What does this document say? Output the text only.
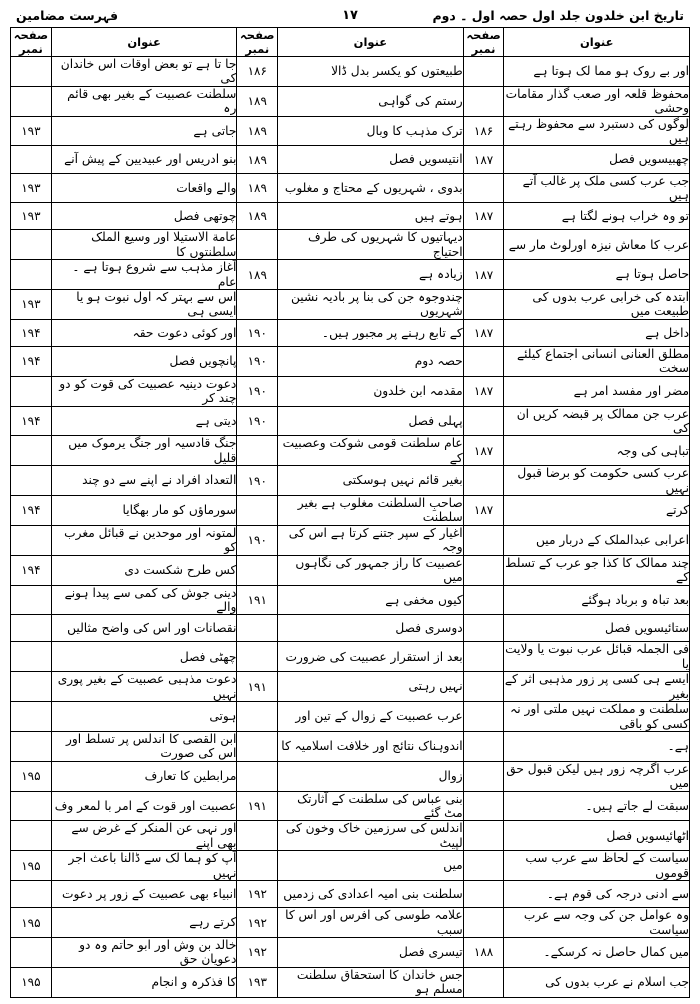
تاریخ ابن خلدون جلد اول حصہ اول ۔ دوم
۱۷
فہرست مضامین
عنوان	صفحہ نمبر	عنوان	صفحہ نمبر	عنوان	صفحہ نمبر
اور بے روک ہو مما لک ہوتا ہے		طبیعتوں کو یکسر بدل ڈالا	۱۸۶	جا تا ہے تو بعض اوقات اس خاندان کی	
محفوظ قلعہ اور صعب گذار مقامات وحشی		رستم کی گواہی	۱۸۹	سلطنت عصبیت کے بغیر بھی قائم رہ	
لوگوں کی دستبرد سے محفوظ رہتے ہیں	۱۸۶	ترک مذہب کا وبال	۱۸۹	جاتی ہے	۱۹۳
چھبیسویں فصل	۱۸۷	انتیسویں فصل	۱۸۹	بنو ادریس اور عبیدیین کے پیش آنے	
جب عرب کسی ملک پر غالب آتے ہیں		بدوی ، شہریوں کے محتاج و مغلوب	۱۸۹	والے واقعات	۱۹۳
تو وہ خراب ہونے لگتا ہے	۱۸۷	ہوتے ہیں	۱۸۹	چوتھی فصل	۱۹۳
عرب کا معاش نیزہ اورلوٹ مار سے		دیہاتیوں کا شہریوں کی طرف احتیاج		عامة الاستیلا اور وسیع الملک سلطنتوں کا	
حاصل ہوتا ہے	۱۸۷	زیادہ ہے	۱۸۹	آغاز مذہب سے شروع ہوتا ہے ۔ عام	
ابتدہ کی خرابی عرب بدوں کی طبیعت میں		چندوجوہ جن کی بنا پر بادیہ نشین شہریوں		اس سے بہتر کہ اول نبوت ہو یا ایسی ہی	۱۹۳
داخل ہے	۱۸۷	کے تابع رہنے پر مجبور ہیں۔	۱۹۰	اور کوئی دعوت حقہ	۱۹۴
مطلق العنانی انسانی اجتماع کیلئے سخت		حصہ دوم	۱۹۰	پانچویں فصل	۱۹۴
مضر اور مفسد امر ہے	۱۸۷	مقدمہ ابن خلدون	۱۹۰	دعوت دینیہ عصبیت کی قوت کو دو چند کر	
عرب جن ممالک پر قبضہ کریں ان کی		پہلی فصل	۱۹۰	دیتی ہے	۱۹۴
تباہی کی وجہ	۱۸۷	عام سلطنت قومی شوکت وعصبیت کے		جنگ قادسیہ اور جنگ یرموک میں قلیل	
عرب کسی حکومت کو برضا قبول نہیں		بغیر قائم نہیں ہوسکتی	۱۹۰	التعداد افراد نے اپنے سے دو چند	
کرتے	۱۸۷	صاحبِ السلطنت مغلوب ہے بغیر سلطنت		سورماؤں کو مار بھگایا	۱۹۴
اعرابی عبدالملک کے دربار میں		اغیار کے سپر جتنے کرتا ہے اس کی وجہ	۱۹۰	لمتونہ اور موحدین نے قبائل مغرب کو	
چند ممالک کا کذا جو عرب کے تسلط کے		عصبیت کا راز جمہور کی نگاہوں میں		کس طرح شکست دی	۱۹۴
بعد تباہ و برباد ہوگئے		کیوں مخفی ہے	۱۹۱	دینی جوش کی کمی سے پیدا ہونے والے	
ستائیسویں فصل		دوسری فصل		نقصانات اور اس کی واضح مثالیں	
فی الجملہ قبائل عرب نبوت یا ولایت یا		بعد از استقرار عصبیت کی ضرورت		چھٹی فصل	
ایسے ہی کسی پر زور مذہبی اثر کے بغیر		نہیں رہتی	۱۹۱	دعوت مذہبی عصبیت کے بغیر پوری نہیں	
سلطنت و مملکت نہیں ملتی اور نہ کسی کو باقی		عرب عصبیت کے زوال کے تین اور		ہوتی	
ہے۔		اندوہناک نتائج اور خلافت اسلامیہ کا		ابن القصی کا اندلس پر تسلط اور اس کی صورت	
عرب اگرچہ زور ہیں لیکن قبول حق میں		زوال		مرابطین کا تعارف	۱۹۵
سبقت لے جاتے ہیں۔		بنی عباس کی سلطنت کے آثارتک مٹ گئے	۱۹۱	عصبیت اور قوت کے امر با لمعر وف	
اٹھائیسویں فصل		اندلس کی سرزمین خاک وخون کی لپیٹ		اور نہی عن المنکر کے غرض سے بھی اپنے	
سیاست کے لحاظ سے عرب سب قوموں		میں		آپ کو ہما لک سے ڈالنا باعث اجر نہیں	۱۹۵
سے ادنی درجہ کی قوم ہے۔		سلطنت بنی امیہ اعدادی کی زدمیں	۱۹۲	انبیاء بھی عصبیت کے زور پر دعوت	
وہ عوامل جن کی وجہ سے عرب سیاست		علامہ طوسی کی افرس اور اس کا سبب	۱۹۲	کرتے رہے	۱۹۵
میں کمال حاصل نہ کرسکے۔	۱۸۸	تیسری فصل	۱۹۲	خالد بن وش اور ابو حاتم وہ دو دعویان حق	
جب اسلام نے عرب بدوں کی		جس خاندان کا استحقاق سلطنت مسلم ہو	۱۹۳	کا فذکرہ و انجام	۱۹۵
